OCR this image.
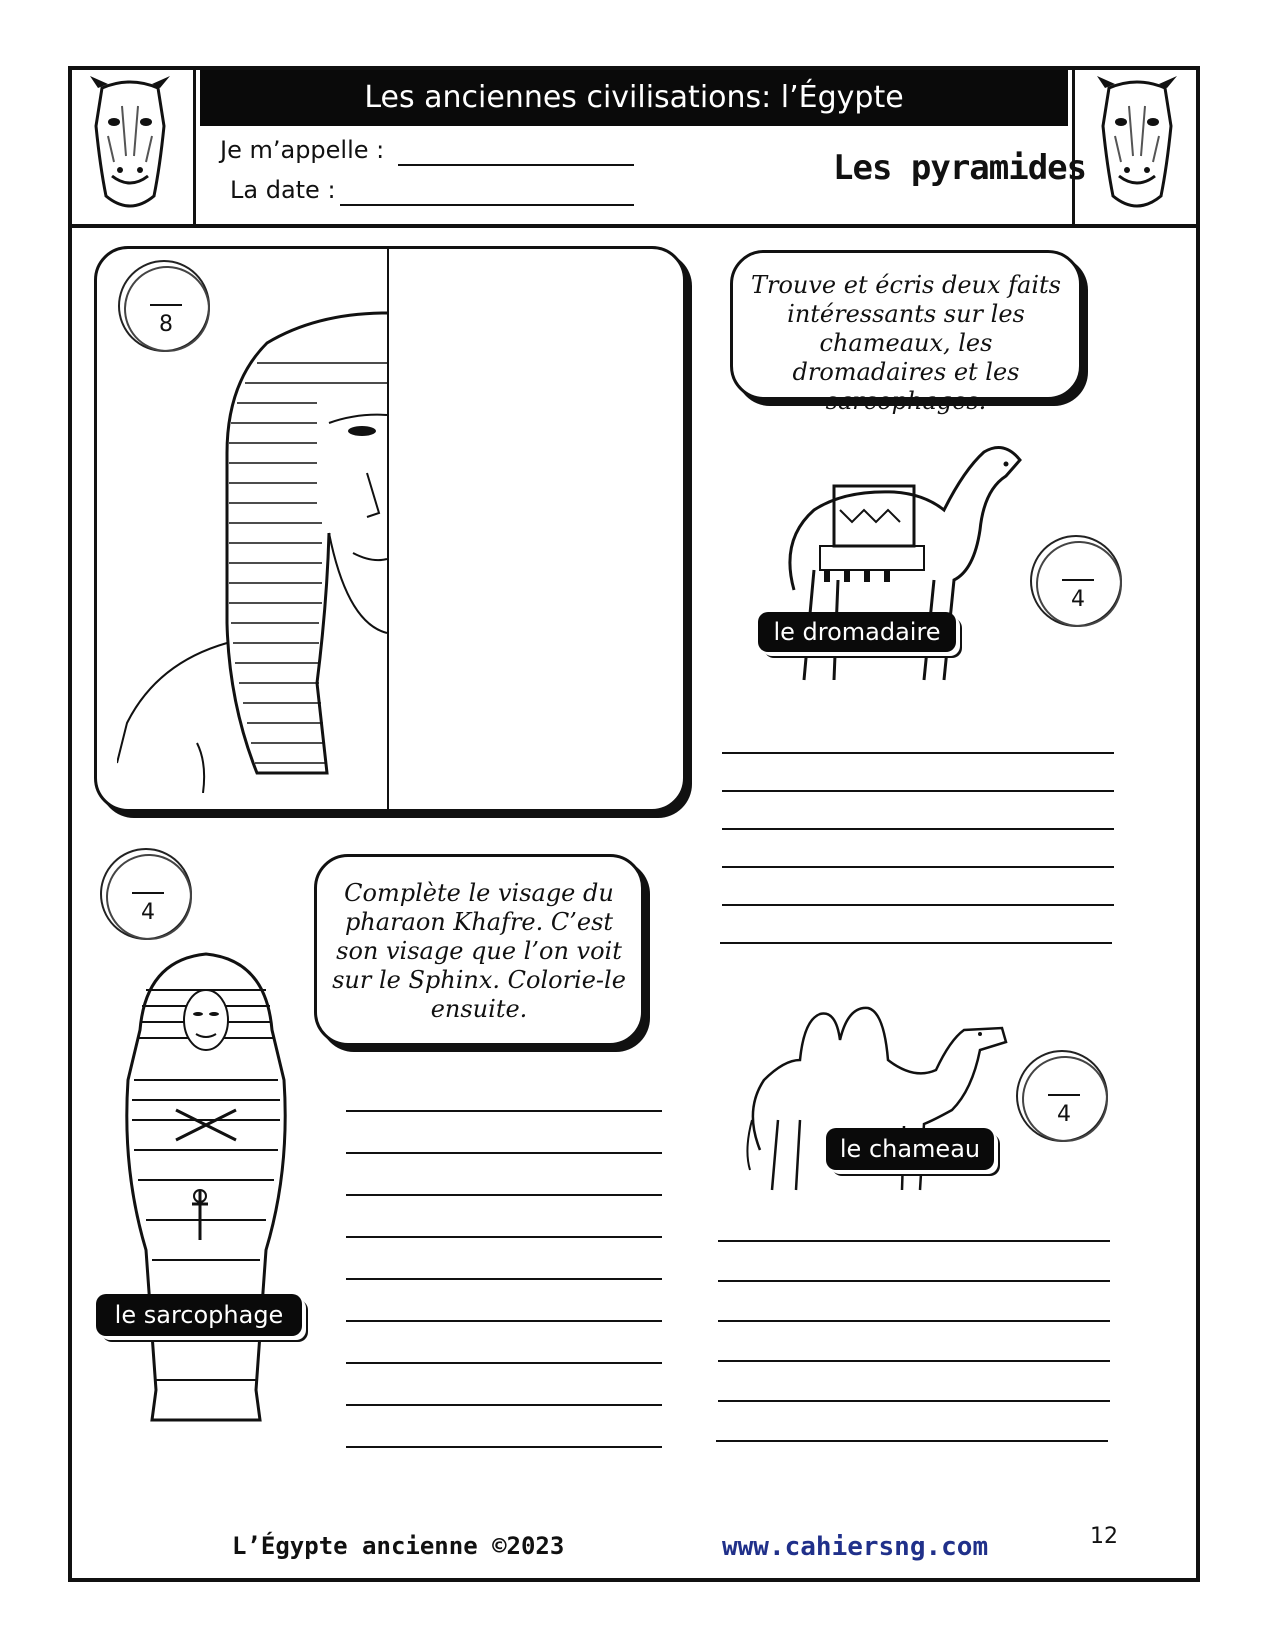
Les anciennes civilisations: l’Égypte
Je m’appelle :
La date :
Les pyramides
8
Trouve et écris deux faits intéressants sur les chameaux, les dromadaires et les sarcophages.
4
le dromadaire
4
le sarcophage
Complète le visage du pharaon Khafre. C’est son visage que l’on voit sur le Sphinx. Colorie-le ensuite.
4
le chameau
L’Égypte ancienne ©2023	www.cahiersng.com	12
